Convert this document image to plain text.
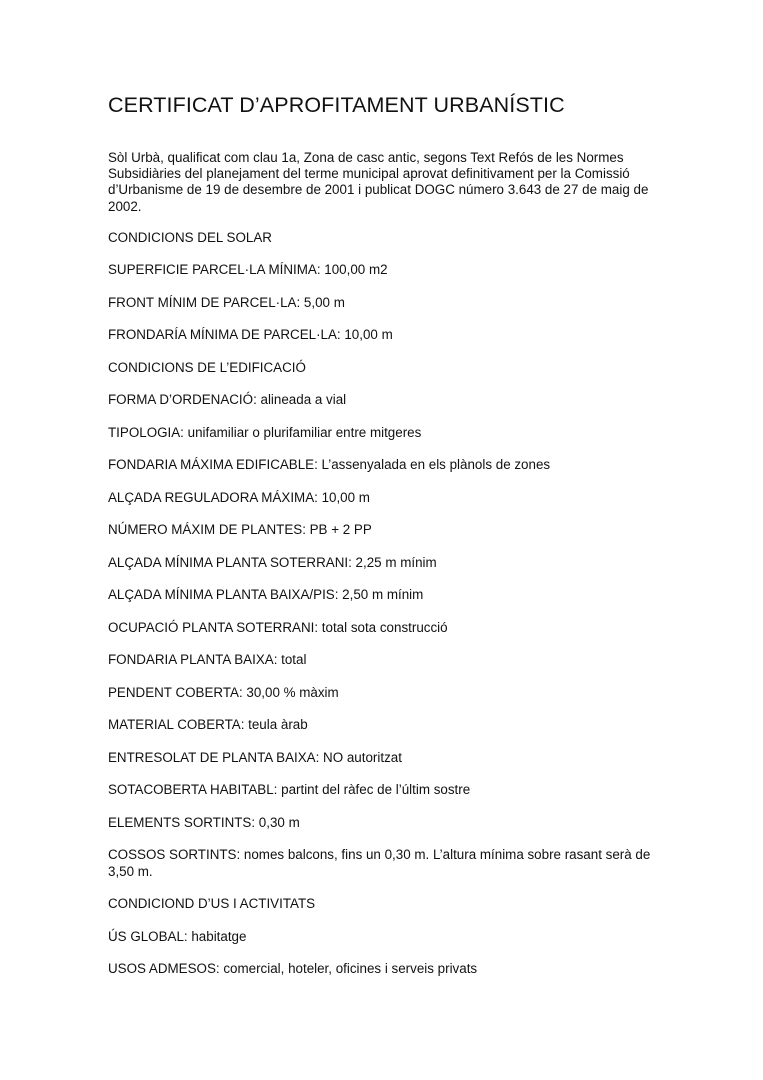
CERTIFICAT D’APROFITAMENT URBANÍSTIC

Sòl Urbà, qualificat com clau 1a, Zona de casc antic, segons Text Refós de les Normes Subsidiàries del planejament del terme municipal aprovat definitivament per la Comissió d’Urbanisme de 19 de desembre de 2001 i publicat DOGC número 3.643 de 27 de maig de 2002.

CONDICIONS DEL SOLAR

SUPERFICIE PARCEL·LA MÍNIMA: 100,00 m2

FRONT MÍNIM DE PARCEL·LA: 5,00 m

FRONDARÍA MÍNIMA DE PARCEL·LA: 10,00 m

CONDICIONS DE L’EDIFICACIÓ

FORMA D’ORDENACIÓ: alineada a vial

TIPOLOGIA: unifamiliar o plurifamiliar entre mitgeres

FONDARIA MÁXIMA EDIFICABLE: L’assenyalada en els plànols de zones

ALÇADA REGULADORA MÁXIMA: 10,00 m

NÚMERO MÁXIM DE PLANTES: PB + 2 PP

ALÇADA MÍNIMA PLANTA SOTERRANI: 2,25 m mínim

ALÇADA MÍNIMA PLANTA BAIXA/PIS: 2,50 m mínim

OCUPACIÓ PLANTA SOTERRANI: total sota construcció

FONDARIA PLANTA BAIXA: total

PENDENT COBERTA: 30,00 % màxim

MATERIAL COBERTA: teula àrab

ENTRESOLAT DE PLANTA BAIXA: NO autoritzat

SOTACOBERTA HABITABL: partint del ràfec de l’últim sostre

ELEMENTS SORTINTS: 0,30 m

COSSOS SORTINTS: nomes balcons, fins un 0,30 m. L’altura mínima sobre rasant serà de 3,50 m.

CONDICIOND D’US I ACTIVITATS

ÚS GLOBAL: habitatge

USOS ADMESOS: comercial, hoteler, oficines i serveis privats
